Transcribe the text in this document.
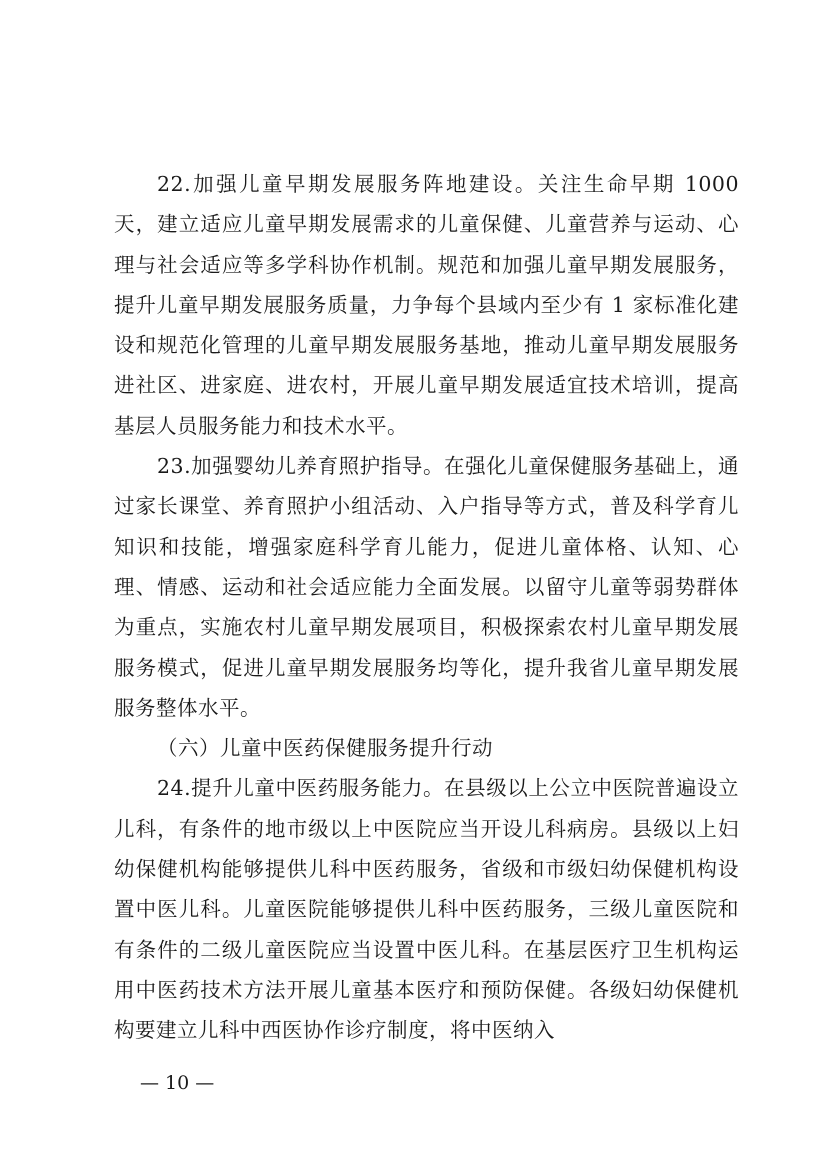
22.加强儿童早期发展服务阵地建设。关注生命早期 1000 天，建立适应儿童早期发展需求的儿童保健、儿童营养与运动、心理与社会适应等多学科协作机制。规范和加强儿童早期发展服务，提升儿童早期发展服务质量，力争每个县域内至少有 1 家标准化建设和规范化管理的儿童早期发展服务基地，推动儿童早期发展服务进社区、进家庭、进农村，开展儿童早期发展适宜技术培训，提高基层人员服务能力和技术水平。

23.加强婴幼儿养育照护指导。在强化儿童保健服务基础上，通过家长课堂、养育照护小组活动、入户指导等方式，普及科学育儿知识和技能，增强家庭科学育儿能力，促进儿童体格、认知、心理、情感、运动和社会适应能力全面发展。以留守儿童等弱势群体为重点，实施农村儿童早期发展项目，积极探索农村儿童早期发展服务模式，促进儿童早期发展服务均等化，提升我省儿童早期发展服务整体水平。

（六）儿童中医药保健服务提升行动

24.提升儿童中医药服务能力。在县级以上公立中医院普遍设立儿科，有条件的地市级以上中医院应当开设儿科病房。县级以上妇幼保健机构能够提供儿科中医药服务，省级和市级妇幼保健机构设置中医儿科。儿童医院能够提供儿科中医药服务，三级儿童医院和有条件的二级儿童医院应当设置中医儿科。在基层医疗卫生机构运用中医药技术方法开展儿童基本医疗和预防保健。各级妇幼保健机构要建立儿科中西医协作诊疗制度，将中医纳入

— 10 —
